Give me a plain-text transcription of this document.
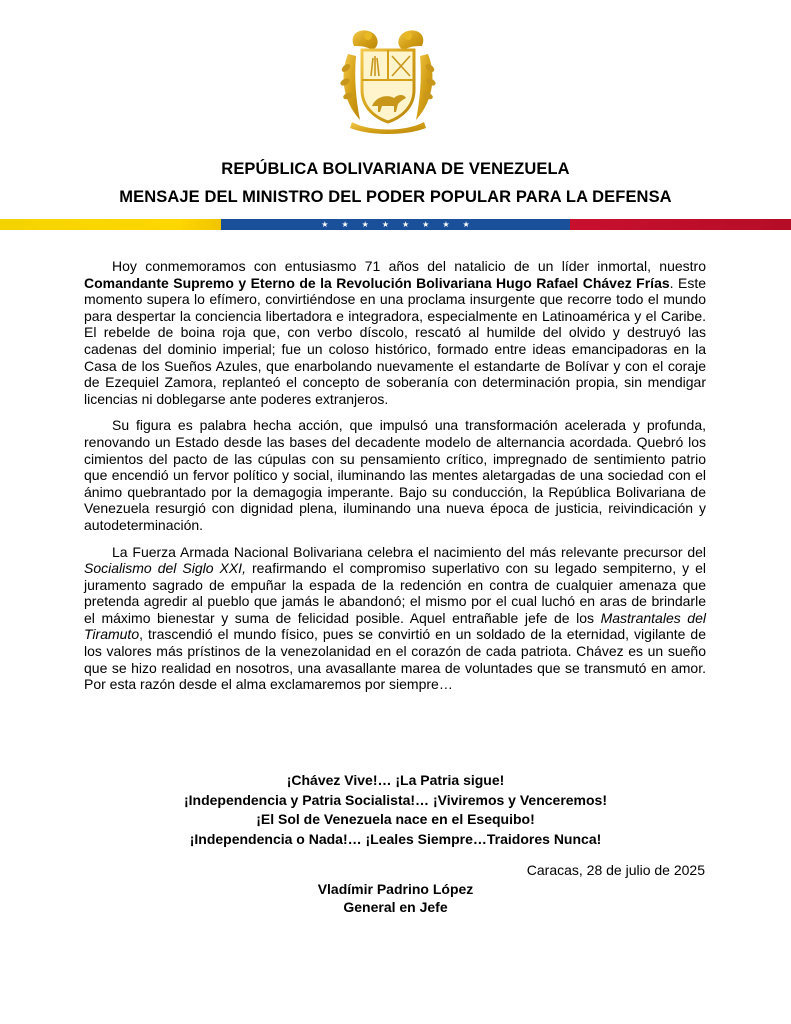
REPÚBLICA BOLIVARIANA DE VENEZUELA
MENSAJE DEL MINISTRO DEL PODER POPULAR PARA LA DEFENSA
★ ★ ★ ★ ★ ★ ★ ★

Hoy conmemoramos con entusiasmo 71 años del natalicio de un líder inmortal, nuestro Comandante Supremo y Eterno de la Revolución Bolivariana Hugo Rafael Chávez Frías. Este momento supera lo efímero, convirtiéndose en una proclama insurgente que recorre todo el mundo para despertar la conciencia libertadora e integradora, especialmente en Latinoamérica y el Caribe. El rebelde de boina roja que, con verbo díscolo, rescató al humilde del olvido y destruyó las cadenas del dominio imperial; fue un coloso histórico, formado entre ideas emancipadoras en la Casa de los Sueños Azules, que enarbolando nuevamente el estandarte de Bolívar y con el coraje de Ezequiel Zamora, replanteó el concepto de soberanía con determinación propia, sin mendigar licencias ni doblegarse ante poderes extranjeros.

Su figura es palabra hecha acción, que impulsó una transformación acelerada y profunda, renovando un Estado desde las bases del decadente modelo de alternancia acordada. Quebró los cimientos del pacto de las cúpulas con su pensamiento crítico, impregnado de sentimiento patrio que encendió un fervor político y social, iluminando las mentes aletargadas de una sociedad con el ánimo quebrantado por la demagogia imperante. Bajo su conducción, la República Bolivariana de Venezuela resurgió con dignidad plena, iluminando una nueva época de justicia, reivindicación y autodeterminación.

La Fuerza Armada Nacional Bolivariana celebra el nacimiento del más relevante precursor del Socialismo del Siglo XXI, reafirmando el compromiso superlativo con su legado sempiterno, y el juramento sagrado de empuñar la espada de la redención en contra de cualquier amenaza que pretenda agredir al pueblo que jamás le abandonó; el mismo por el cual luchó en aras de brindarle el máximo bienestar y suma de felicidad posible. Aquel entrañable jefe de los Mastrantales del Tiramuto, trascendió el mundo físico, pues se convirtió en un soldado de la eternidad, vigilante de los valores más prístinos de la venezolanidad en el corazón de cada patriota. Chávez es un sueño que se hizo realidad en nosotros, una avasallante marea de voluntades que se transmutó en amor. Por esta razón desde el alma exclamaremos por siempre…

¡Chávez Vive!… ¡La Patria sigue!
¡Independencia y Patria Socialista!… ¡Viviremos y Venceremos!
¡El Sol de Venezuela nace en el Esequibo!
¡Independencia o Nada!… ¡Leales Siempre…Traidores Nunca!
Caracas, 28 de julio de 2025
Vladímir Padrino López
General en Jefe
